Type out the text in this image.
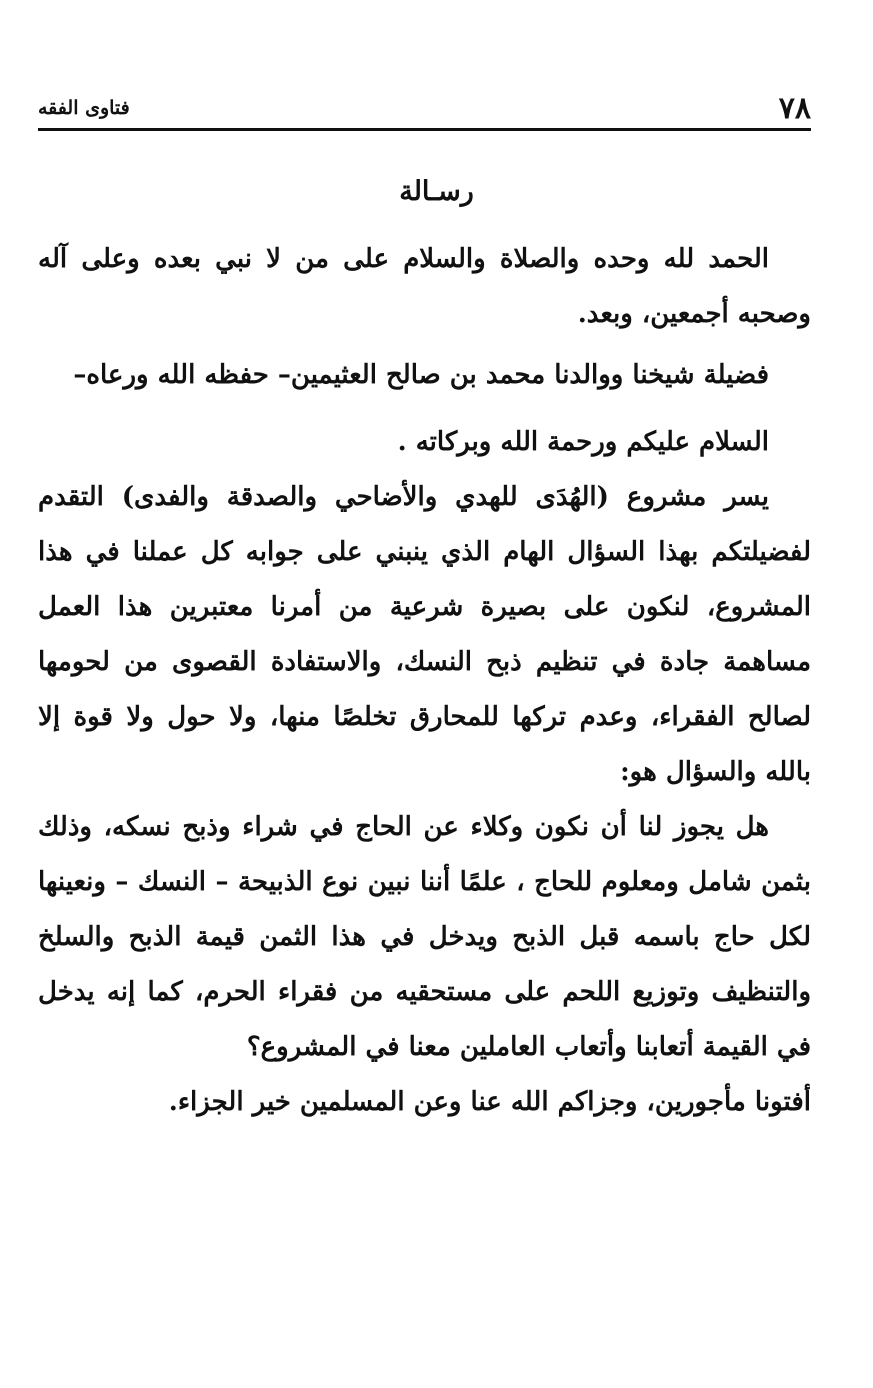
٧٨
فتاوى الفقه
رسـالة

الحمد لله وحده والصلاة والسلام على من لا نبي بعده وعلى آله وصحبه أجمعين، وبعد.

فضيلة شيخنا ووالدنا محمد بن صالح العثيمين– حفظه الله ورعاه–

السلام عليكم ورحمة الله وبركاته .

يسر مشروع (الهُدَى للهدي والأضاحي والصدقة والفدى) التقدم لفضيلتكم بهذا السؤال الهام الذي ينبني على جوابه كل عملنا في هذا المشروع، لنكون على بصيرة شرعية من أمرنا معتبرين هذا العمل مساهمة جادة في تنظيم ذبح النسك، والاستفادة القصوى من لحومها لصالح الفقراء، وعدم تركها للمحارق تخلصًا منها، ولا حول ولا قوة إلا بالله والسؤال هو:

هل يجوز لنا أن نكون وكلاء عن الحاج في شراء وذبح نسكه، وذلك بثمن شامل ومعلوم للحاج ، علمًا أننا نبين نوع الذبيحة – النسك – ونعينها لكل حاج باسمه قبل الذبح ويدخل في هذا الثمن قيمة الذبح والسلخ والتنظيف وتوزيع اللحم على مستحقيه من فقراء الحرم، كما إنه يدخل في القيمة أتعابنا وأتعاب العاملين معنا في المشروع؟

أفتونا مأجورين، وجزاكم الله عنا وعن المسلمين خير الجزاء.
